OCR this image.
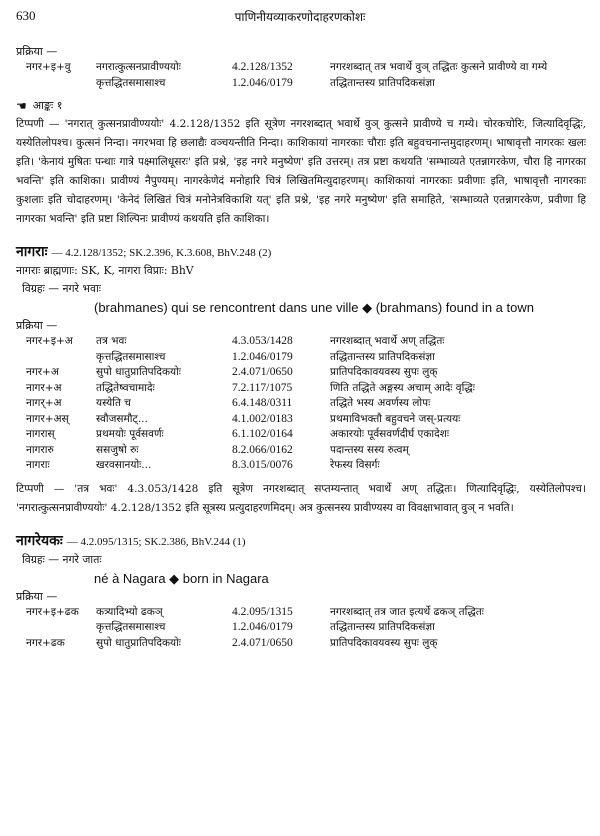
630	पाणिनीयव्याकरणोदाहरणकोशः

प्रक्रिया —

नगर+इ+वु	नगरात्कुत्सनप्रावीण्ययोः	4.2.128/1352	नगरशब्दात् तत्र भवार्थे वुञ् तद्धितः कुत्सने प्रावीण्ये वा गम्ये
	कृत्तद्धितसमासाश्च	1.2.046/0179	तद्धितान्तस्य प्रातिपदिकसंज्ञा
☛ आङ्कः १

टिप्पणी — 'नगरात् कुत्सनप्रावीण्ययोः' 4.2.128/1352 इति सूत्रेण नगरशब्दात् भवार्थे वुञ् कुत्सने प्रावीण्ये च गम्ये। चोरकचोरिः, जित्यादिवृद्धिः, यस्येतिलोपश्च। कुत्सनं निन्दा। नगरभवा हि छलाद्यैः वञ्चयन्तीति निन्दा। काशिकायां नागरकाः चौराः इति बहुवचनान्तमुदाहरणम्। भाषावृत्तौ नागरकः खलः इति। 'केनायं मुषितः पन्थाः गात्रे पक्ष्मालिधूसरः' इति प्रश्ने, 'इह नगरे मनुष्येण' इति उत्तरम्। तत्र प्रष्टा कथयति 'सम्भाव्यते एतन्नागरकेण, चौरा हि नागरका भवन्ति' इति काशिका। प्रावीण्यं नैपुण्यम्। नागरकेणेदं मनोहारि चित्रं लिखितमित्युदाहरणम्। काशिकायां नागरकाः प्रवीणाः इति, भाषावृत्तौ नागरकाः कुशलाः इति चोदाहरणम्। 'केनेदं लिखितं चित्रं मनोनेत्रविकाशि यत्' इति प्रश्ने, 'इह नगरे मनुष्येण' इति समाहिते, 'सम्भाव्यते एतन्नागरकेण, प्रवीणा हि नागरका भवन्ति' इति प्रष्टा शिल्पिनः प्रावीण्यं कथयति इति काशिका।

नागराः — 4.2.128/1352; SK.2.396, K.3.608, BhV.248 (2)
नागराः ब्राह्मणाः: SK, K, नागरा विप्राः: BhV
विग्रहः — नगरे भवाः
(brahmanes) qui se rencontrent dans une ville ◆ (brahmans) found in a town

प्रक्रिया —

नगर+इ+अ	तत्र भवः	4.3.053/1428	नगरशब्दात् भवार्थे अण् तद्धितः
	कृत्तद्धितसमासाश्च	1.2.046/0179	तद्धितान्तस्य प्रातिपदिकसंज्ञा
नगर+अ	सुपो धातुप्रातिपदिकयोः	2.4.071/0650	प्रातिपदिकावयवस्य सुपः लुक्
नागर+अ	तद्धितेष्वचामादेः	7.2.117/1075	णिति तद्धिते अङ्गस्य अचाम् आदेः वृद्धिः
नागर्+अ	यस्येति च	6.4.148/0311	तद्धिते भस्य अवर्णस्य लोपः
नागर+अस्	स्वौजसमौट्...	4.1.002/0183	प्रथमाविभक्तौ बहुवचने जस्-प्रत्ययः
नागरास्	प्रथमयोः पूर्वसवर्णः	6.1.102/0164	अकारयोः पूर्वसवर्णदीर्घ एकादेशः
नागरारु	ससजुषो रुः	8.2.066/0162	पदान्तस्य सस्य रुत्वम्
नागराः	खरवसानयोः...	8.3.015/0076	रेफस्य विसर्गः

टिप्पणी — 'तत्र भवः' 4.3.053/1428 इति सूत्रेण नगरशब्दात् सप्तम्यन्तात् भवार्थे अण् तद्धितः। णित्यादिवृद्धिः, यस्येतिलोपश्च। 'नगरात्कुत्सनप्रावीण्ययोः' 4.2.128/1352 इति सूत्रस्य प्रत्युदाहरणमिदम्। अत्र कुत्सनस्य प्रावीण्यस्य वा विवक्षाभावात् वुञ् न भवति।

नागरेयकः — 4.2.095/1315; SK.2.386, BhV.244 (1)
विग्रहः — नगरे जातः
né à Nagara ◆ born in Nagara

प्रक्रिया —

नगर+इ+ढक	कत्र्यादिभ्यो ढकञ्	4.2.095/1315	नगरशब्दात् तत्र जात इत्यर्थे ढकञ् तद्धितः
	कृत्तद्धितसमासाश्च	1.2.046/0179	तद्धितान्तस्य प्रातिपदिकसंज्ञा
नगर+ढक	सुपो धातुप्रातिपदिकयोः	2.4.071/0650	प्रातिपदिकावयवस्य सुपः लुक्
